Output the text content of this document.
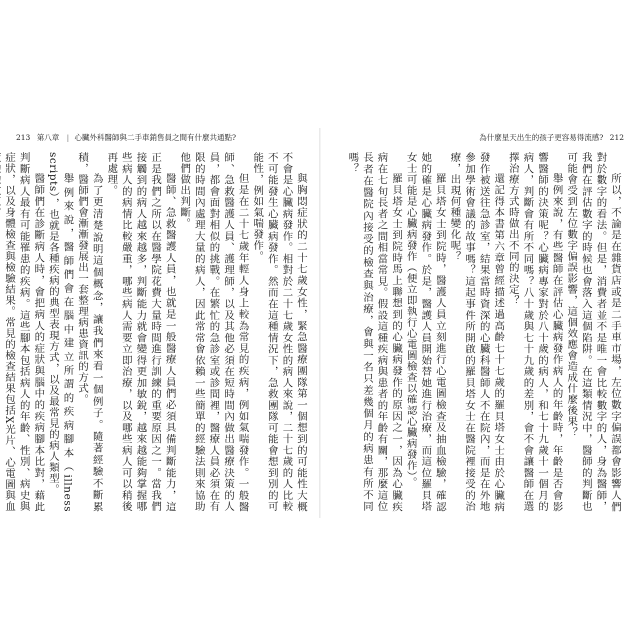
213 第八章 | 心臟外科醫師與二手車銷售員之間有什麼共通點?	為什麼星天出生的孩子更容易得流感? 212

與胸悶症狀的二十七歲女性，緊急醫療團隊第一個想到的可能性大概不會是心臟病發作。相對於二十七歲女性的病人來說，二十七歲的人比較不可能發生心臟病發作。然而在這種情況下，急救團隊可能會想到別的可能性，例如氣喘發作。

但是在二十七歲年輕人身上較為常見的疾病，例如氣喘發作。一般醫師、急救醫護人員、護理師，以及其他必須在短時間內做出醫療決策的人員，都會面對相似的挑戰。在繁忙的急診室或診間裡，醫療人員必須在有限的時間內處理大量的病人，因此常常會依賴一些簡單的經驗法則來協助他們做出判斷。

醫師、急救醫護人員，也就是一般醫療人員們必須具備判斷能力，這正是我們之所以在醫學院花費大量時間進行訓練的重要原因之一。當我們接觸到的病人越來越多，判斷能力就會變得更加敏銳，越來越能夠掌握哪些病人的病情比較嚴重，哪些病人需要立即治療，以及哪些病人可以稍後再處理。

為了更清楚說明這個概念，讓我們來看一個例子。隨著經驗不斷累積，醫師們會漸漸發展出一套整理病患資訊的方式。

舉例來說，醫師們會在腦中建立所謂的疾病腳本（illness scripts），也就是各種疾病的典型表現方式，以及最常見的病人類型。

醫師們在診斷病人時，會把病人的症狀與腦中的疾病腳本比對，藉此判斷病人最有可能罹患的疾病。這些腳本包括病人的年齡、性別、病史與症狀，以及身體檢查與檢驗結果。常見的檢查結果包括X光片、心電圖與血	所以，不論是在雜貨店或是二手車市場，左位數字偏誤都會影響人們對於數字的看法。但是，消費者並不是唯一會比較數字的人，身為醫師，我們在評估數字的時候也會落入這個陷阱。在這類情況中，醫師的判斷也可能會受到左位數字偏誤影響，這個效應會造成什麼後果？

舉例來說，有些醫師在評估心臟病發作病人的年齡時，年齡是否會影響醫師的決策呢？心臟病專家對於八十歲的病人，和七十九歲十一個月的病人，判斷會有所不同嗎？八十歲與七十九歲的差別，會不會讓醫師在選擇治療方式時做出不同的決定？

還記得本書第六章曾經描述過高齡七十七歲的羅貝塔女士由於心臟病發作被送往急診室，結果當時資深的心臟科醫師人不在院內，而是在外地參加學術會議的故事嗎？這起事件所開啟的羅貝塔女士在醫院裡接受的治療，出現何種變化呢？

羅貝塔女士到院時，醫護人員立刻進行心電圖檢查及抽血檢驗，確認她的確是心臟病發作。於是，醫護人員開始替她進行治療，而這位羅貝塔女士可能是心臟病發作（便立即執行心電圖檢查以確認心臟病發作）。

羅貝塔女士到院時馬上聯想到的心臟病發作的原因之一，因為心臟疾病在七旬長者之間相當常見。假設這種疾病與患者的年齡有關，那麼這位長者在醫院內接受的檢查與治療，會與一名只差幾個月的病患有所不同嗎？
